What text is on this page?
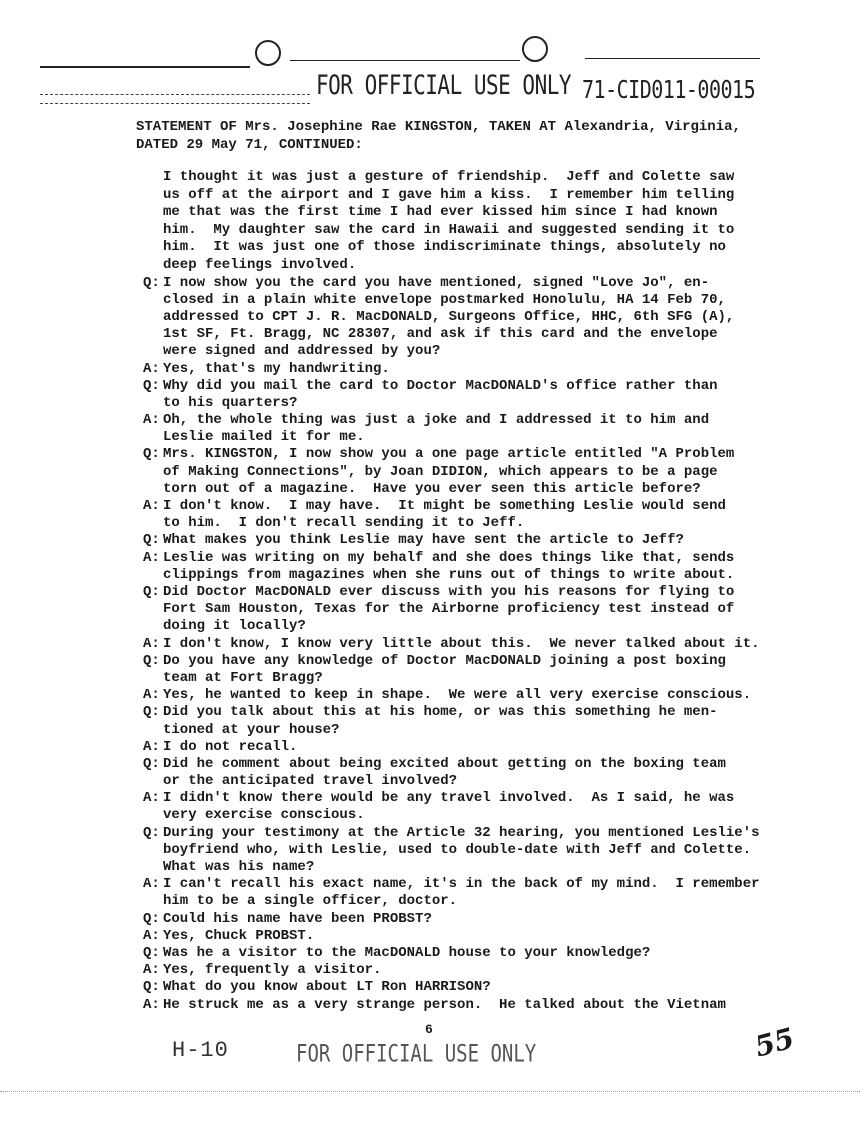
FOR OFFICIAL USE ONLY 71-CID011-00015
STATEMENT OF Mrs. Josephine Rae KINGSTON, TAKEN AT Alexandria, Virginia,
DATED 29 May 71, CONTINUED:
I thought it was just a gesture of friendship.  Jeff and Colette saw
us off at the airport and I gave him a kiss.  I remember him telling
me that was the first time I had ever kissed him since I had known
him.  My daughter saw the card in Hawaii and suggested sending it to
him.  It was just one of those indiscriminate things, absolutely no
deep feelings involved.
Q: I now show you the card you have mentioned, signed "Love Jo", en-
closed in a plain white envelope postmarked Honolulu, HA 14 Feb 70,
addressed to CPT J. R. MacDONALD, Surgeons Office, HHC, 6th SFG (A),
1st SF, Ft. Bragg, NC 28307, and ask if this card and the envelope
were signed and addressed by you?
A: Yes, that's my handwriting.
Q: Why did you mail the card to Doctor MacDONALD's office rather than
to his quarters?
A: Oh, the whole thing was just a joke and I addressed it to him and
Leslie mailed it for me.
Q: Mrs. KINGSTON, I now show you a one page article entitled "A Problem
of Making Connections", by Joan DIDION, which appears to be a page
torn out of a magazine.  Have you ever seen this article before?
A: I don't know.  I may have.  It might be something Leslie would send
to him.  I don't recall sending it to Jeff.
Q: What makes you think Leslie may have sent the article to Jeff?
A: Leslie was writing on my behalf and she does things like that, sends
clippings from magazines when she runs out of things to write about.
Q: Did Doctor MacDONALD ever discuss with you his reasons for flying to
Fort Sam Houston, Texas for the Airborne proficiency test instead of
doing it locally?
A: I don't know, I know very little about this.  We never talked about it.
Q: Do you have any knowledge of Doctor MacDONALD joining a post boxing
team at Fort Bragg?
A: Yes, he wanted to keep in shape.  We were all very exercise conscious.
Q: Did you talk about this at his home, or was this something he men-
tioned at your house?
A: I do not recall.
Q: Did he comment about being excited about getting on the boxing team
or the anticipated travel involved?
A: I didn't know there would be any travel involved.  As I said, he was
very exercise conscious.
Q: During your testimony at the Article 32 hearing, you mentioned Leslie's
boyfriend who, with Leslie, used to double-date with Jeff and Colette.
What was his name?
A: I can't recall his exact name, it's in the back of my mind.  I remember
him to be a single officer, doctor.
Q: Could his name have been PROBST?
A: Yes, Chuck PROBST.
Q: Was he a visitor to the MacDONALD house to your knowledge?
A: Yes, frequently a visitor.
Q: What do you know about LT Ron HARRISON?
A: He struck me as a very strange person.  He talked about the Vietnam
6
H-10	FOR OFFICIAL USE ONLY	55
